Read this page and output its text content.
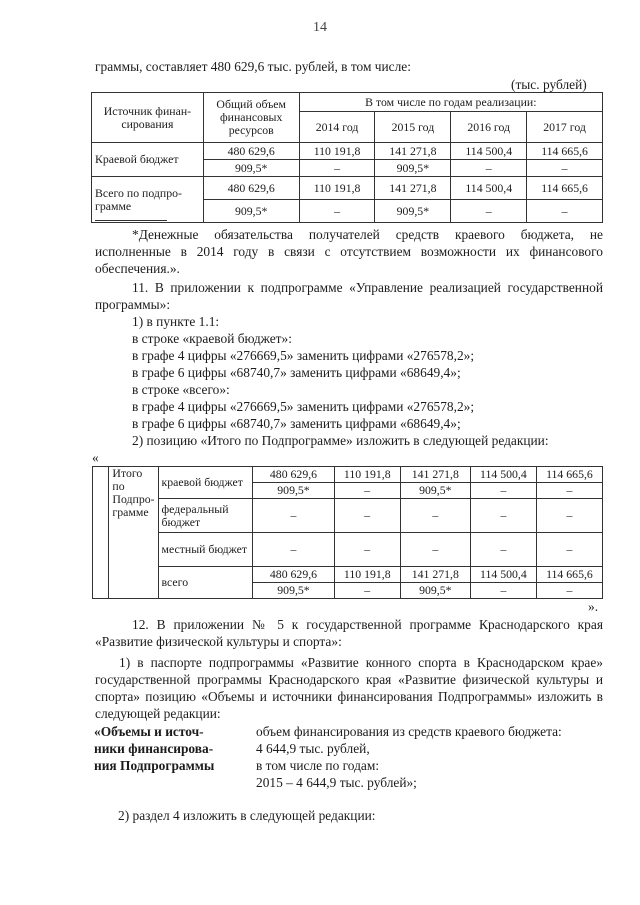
14
граммы, составляет 480 629,6 тыс. рублей, в том числе:
(тыс. рублей)
Источник финан-сирования	Общий объем финансовых ресурсов	В том числе по годам реализации:			
		2014 год	2015 год	2016 год	2017 год
Краевой бюджет	480 629,6	110 191,8	141 271,8	114 500,4	114 665,6
	909,5*	–	909,5*	–	–
Всего по подпро-грамме	480 629,6	110 191,8	141 271,8	114 500,4	114 665,6
	909,5*	–	909,5*	–	–
*Денежные обязательства получателей средств краевого бюджета, не исполненные в 2014 году в связи с отсутствием возможности их финансового обеспечения.».
11. В приложении к подпрограмме «Управление реализацией государственной программы»:
1) в пункте 1.1:
в строке «краевой бюджет»:
в графе 4 цифры «276669,5» заменить цифрами «276578,2»;
в графе 6 цифры «68740,7» заменить цифрами «68649,4»;
в строке «всего»:
в графе 4 цифры «276669,5» заменить цифрами «276578,2»;
в графе 6 цифры «68740,7» заменить цифрами «68649,4»;
2) позицию «Итого по Подпрограмме» изложить в следующей редакции:
«
	Итого по Подпро-грамме	краевой бюджет	480 629,6	110 191,8	141 271,8	114 500,4	114 665,6
			909,5*	–	909,5*	–	–
		федеральный бюджет	–	–	–	–	–

		местный бюджет	–	–	–	–	–

		всего	480 629,6	110 191,8	141 271,8	114 500,4	114 665,6
			909,5*	–	909,5*	–	–
».
12. В приложении № 5 к государственной программе Краснодарского края «Развитие физической культуры и спорта»:
1) в паспорте подпрограммы «Развитие конного спорта в Краснодарском крае» государственной программы Краснодарского края «Развитие физической культуры и спорта» позицию «Объемы и источники финансирования Подпрограммы» изложить в следующей редакции:
«Объемы и источ-
ники финансирова-
ния Подпрограммы
объем финансирования из средств краевого бюджета:
4 644,9 тыс. рублей,
в том числе по годам:
2015 – 4 644,9 тыс. рублей»;
2) раздел 4 изложить в следующей редакции:
